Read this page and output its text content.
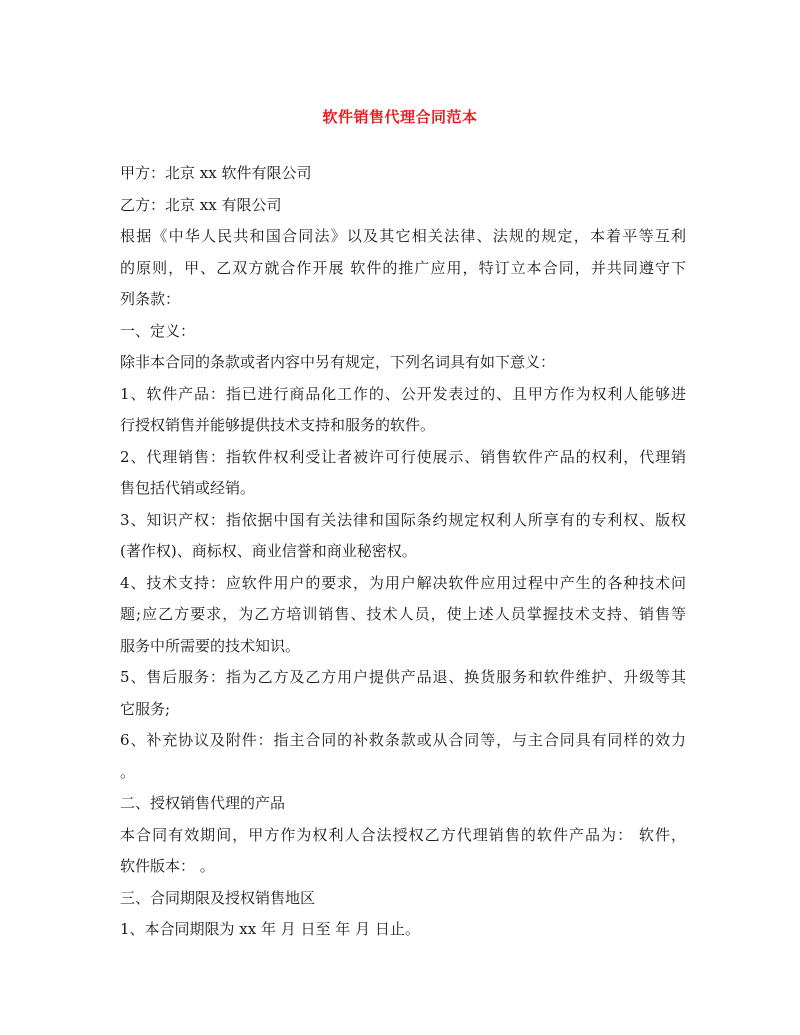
软件销售代理合同范本
甲方：北京 xx 软件有限公司
乙方：北京 xx 有限公司
根据《中华人民共和国合同法》以及其它相关法律、法规的规定，本着平等互利
的原则，甲、乙双方就合作开展 软件的推广应用，特订立本合同，并共同遵守下
列条款：
一、定义：
除非本合同的条款或者内容中另有规定，下列名词具有如下意义：
1、软件产品：指已进行商品化工作的、公开发表过的、且甲方作为权利人能够进
行授权销售并能够提供技术支持和服务的软件。
2、代理销售：指软件权利受让者被许可行使展示、销售软件产品的权利，代理销
售包括代销或经销。
3、知识产权：指依据中国有关法律和国际条约规定权利人所享有的专利权、版权
(著作权)、商标权、商业信誉和商业秘密权。
4、技术支持：应软件用户的要求，为用户解决软件应用过程中产生的各种技术问
题;应乙方要求，为乙方培训销售、技术人员，使上述人员掌握技术支持、销售等
服务中所需要的技术知识。
5、售后服务：指为乙方及乙方用户提供产品退、换货服务和软件维护、升级等其
它服务;
6、补充协议及附件：指主合同的补救条款或从合同等，与主合同具有同样的效力
。
二、授权销售代理的产品
本合同有效期间，甲方作为权利人合法授权乙方代理销售的软件产品为： 软件，
软件版本： 。
三、合同期限及授权销售地区
1、本合同期限为 xx 年 月 日至 年 月 日止。
